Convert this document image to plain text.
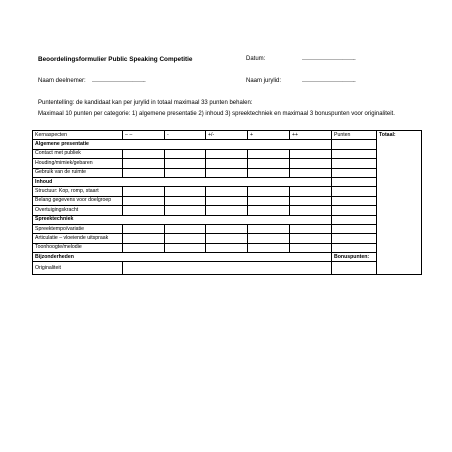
Beoordelingsformulier Public Speaking Competitie	Datum:	......................................................
Naam deelnemer: ......................................................	Naam jurylid:	......................................................
Puntentelling: de kandidaat kan per jurylid in totaal maximaal 33 punten behalen:
Maximaal 10 punten per categorie: 1) algemene presentatie 2) inhoud 3) spreektechniek en maximaal 3 bonuspunten voor originaliteit.
Kernaspecten	– –	-	+/-	+	++	Punten	Totaal:
Algemene presentatie							
Contact met publiek							
Houding/mimiek/gebaren							
Gebruik van de ruimte							
Inhoud							
Structuur: Kop, romp, staart							
Belang gegevens voor doelgroep							
Overtuigingskracht							
Spreektechniek							
Spreektempo/variatie							
Articulatie – vloeiende uitspraak							
Toonhoogte/melodie							
Bijzonderheden						Bonuspunten:	
Originaliteit							
